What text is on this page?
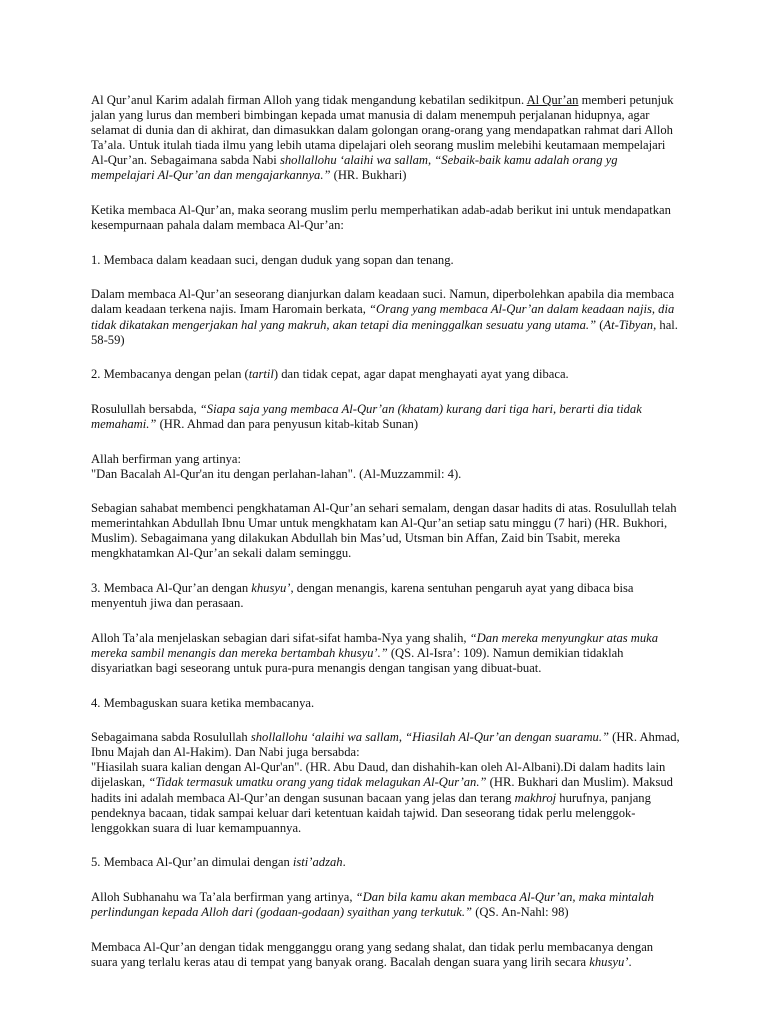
Al Qur’anul Karim adalah firman Alloh yang tidak mengandung kebatilan sedikitpun. Al Qur’an memberi petunjuk jalan yang lurus dan memberi bimbingan kepada umat manusia di dalam menempuh perjalanan hidupnya, agar selamat di dunia dan di akhirat, dan dimasukkan dalam golongan orang-orang yang mendapatkan rahmat dari Alloh Ta’ala. Untuk itulah tiada ilmu yang lebih utama dipelajari oleh seorang muslim melebihi keutamaan mempelajari Al-Qur’an. Sebagaimana sabda Nabi shollallohu ‘alaihi wa sallam, “Sebaik-baik kamu adalah orang yg mempelajari Al-Qur’an dan mengajarkannya.” (HR. Bukhari)

Ketika membaca Al-Qur’an, maka seorang muslim perlu memperhatikan adab-adab berikut ini untuk mendapatkan kesempurnaan pahala dalam membaca Al-Qur’an:

1. Membaca dalam keadaan suci, dengan duduk yang sopan dan tenang.

Dalam membaca Al-Qur’an seseorang dianjurkan dalam keadaan suci. Namun, diperbolehkan apabila dia membaca dalam keadaan terkena najis. Imam Haromain berkata, “Orang yang membaca Al-Qur’an dalam keadaan najis, dia tidak dikatakan mengerjakan hal yang makruh, akan tetapi dia meninggalkan sesuatu yang utama.” (At-Tibyan, hal. 58-59)

2. Membacanya dengan pelan (tartil) dan tidak cepat, agar dapat menghayati ayat yang dibaca.

Rosulullah bersabda, “Siapa saja yang membaca Al-Qur’an (khatam) kurang dari tiga hari, berarti dia tidak memahami.” (HR. Ahmad dan para penyusun kitab-kitab Sunan)

Allah berfirman yang artinya:
"Dan Bacalah Al-Qur'an itu dengan perlahan-lahan". (Al-Muzzammil: 4).

Sebagian sahabat membenci pengkhataman Al-Qur’an sehari semalam, dengan dasar hadits di atas. Rosulullah telah memerintahkan Abdullah Ibnu Umar untuk mengkhatam kan Al-Qur’an setiap satu minggu (7 hari) (HR. Bukhori, Muslim). Sebagaimana yang dilakukan Abdullah bin Mas’ud, Utsman bin Affan, Zaid bin Tsabit, mereka mengkhatamkan Al-Qur’an sekali dalam seminggu.

3. Membaca Al-Qur’an dengan khusyu’, dengan menangis, karena sentuhan pengaruh ayat yang dibaca bisa menyentuh jiwa dan perasaan.

Alloh Ta’ala menjelaskan sebagian dari sifat-sifat hamba-Nya yang shalih, “Dan mereka menyungkur atas muka mereka sambil menangis dan mereka bertambah khusyu’.” (QS. Al-Isra’: 109). Namun demikian tidaklah disyariatkan bagi seseorang untuk pura-pura menangis dengan tangisan yang dibuat-buat.

4. Membaguskan suara ketika membacanya.

Sebagaimana sabda Rosulullah shollallohu ‘alaihi wa sallam, “Hiasilah Al-Qur’an dengan suaramu.” (HR. Ahmad, Ibnu Majah dan Al-Hakim). Dan Nabi juga bersabda:
"Hiasilah suara kalian dengan Al-Qur'an". (HR. Abu Daud, dan dishahih-kan oleh Al-Albani).Di dalam hadits lain dijelaskan, “Tidak termasuk umatku orang yang tidak melagukan Al-Qur’an.” (HR. Bukhari dan Muslim). Maksud hadits ini adalah membaca Al-Qur’an dengan susunan bacaan yang jelas dan terang makhroj hurufnya, panjang pendeknya bacaan, tidak sampai keluar dari ketentuan kaidah tajwid. Dan seseorang tidak perlu melenggok-lenggokkan suara di luar kemampuannya.

5. Membaca Al-Qur’an dimulai dengan isti’adzah.

Alloh Subhanahu wa Ta’ala berfirman yang artinya, “Dan bila kamu akan membaca Al-Qur’an, maka mintalah perlindungan kepada Alloh dari (godaan-godaan) syaithan yang terkutuk.” (QS. An-Nahl: 98)

Membaca Al-Qur’an dengan tidak mengganggu orang yang sedang shalat, dan tidak perlu membacanya dengan suara yang terlalu keras atau di tempat yang banyak orang. Bacalah dengan suara yang lirih secara khusyu’.
